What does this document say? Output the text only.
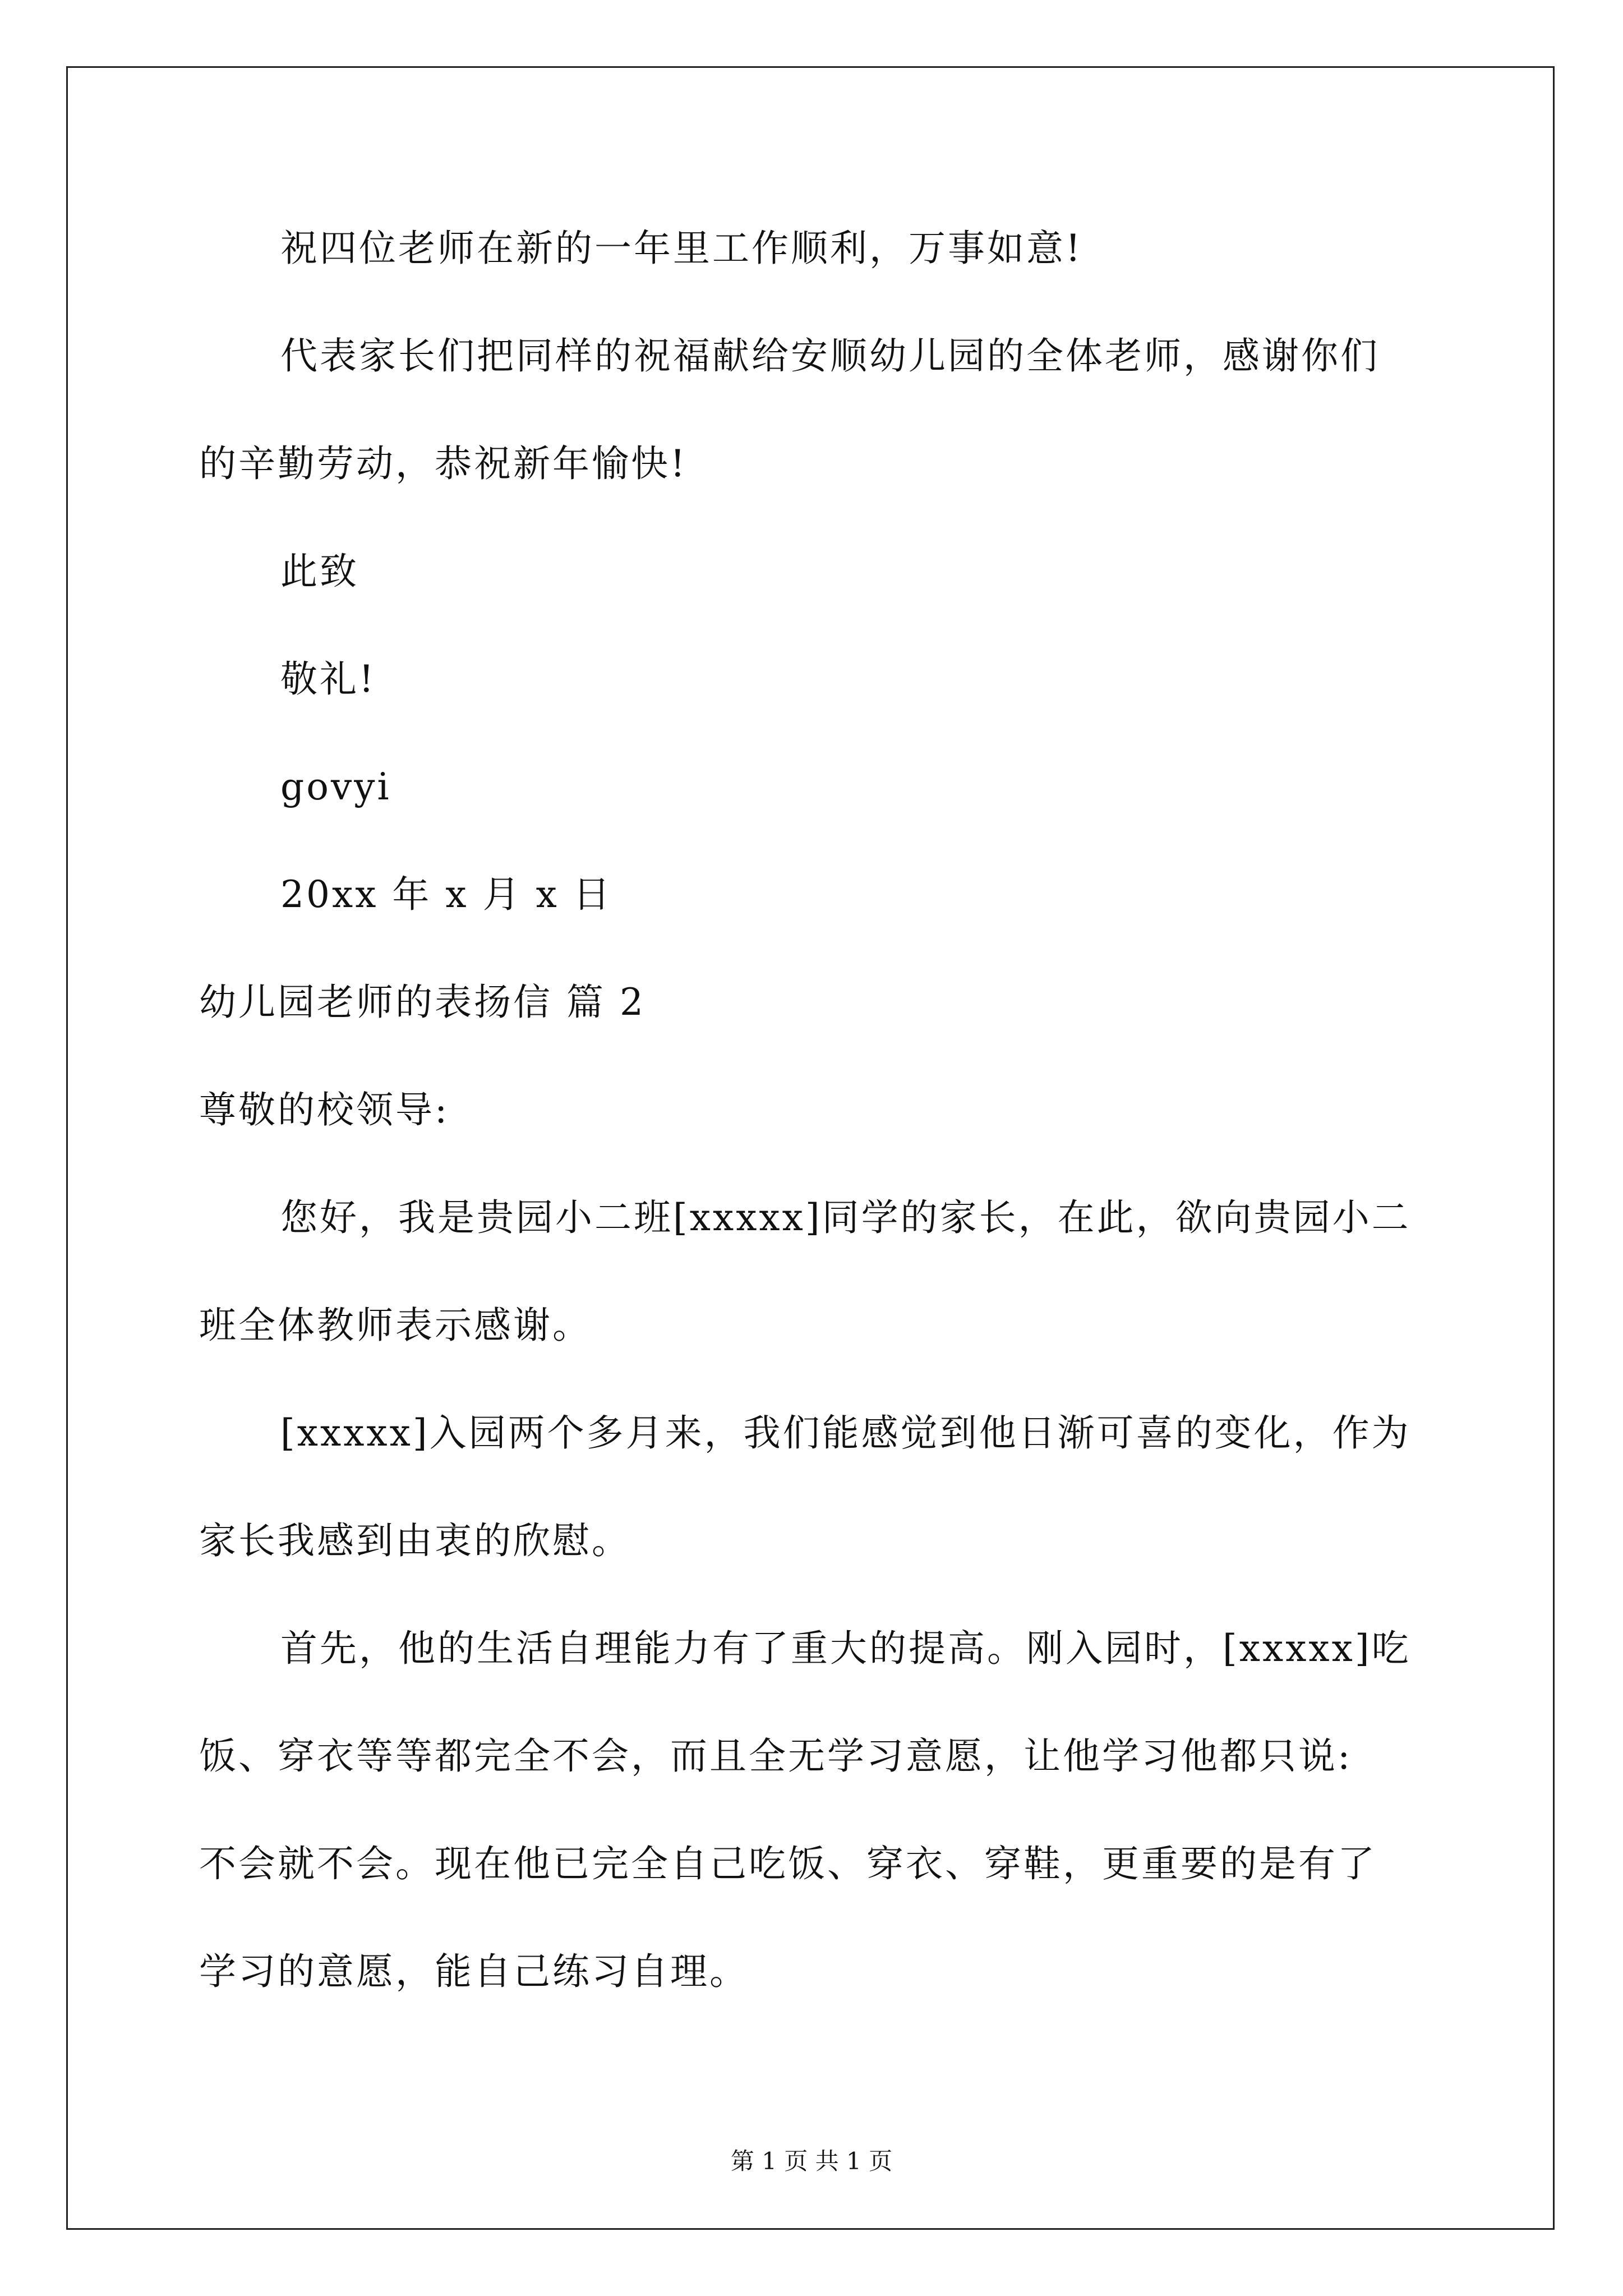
祝四位老师在新的一年里工作顺利，万事如意!
代表家长们把同样的祝福献给安顺幼儿园的全体老师，感谢你们
的辛勤劳动，恭祝新年愉快!
此致
敬礼!
govyi
20xx 年 x 月 x 日
幼儿园老师的表扬信 篇 2
尊敬的校领导:
您好，我是贵园小二班[xxxxx]同学的家长，在此，欲向贵园小二
班全体教师表示感谢。
[xxxxx]入园两个多月来，我们能感觉到他日渐可喜的变化，作为
家长我感到由衷的欣慰。
首先，他的生活自理能力有了重大的提高。刚入园时，[xxxxx]吃
饭、穿衣等等都完全不会，而且全无学习意愿，让他学习他都只说:
不会就不会。现在他已完全自己吃饭、穿衣、穿鞋，更重要的是有了
学习的意愿，能自己练习自理。
第 1 页 共 1 页
